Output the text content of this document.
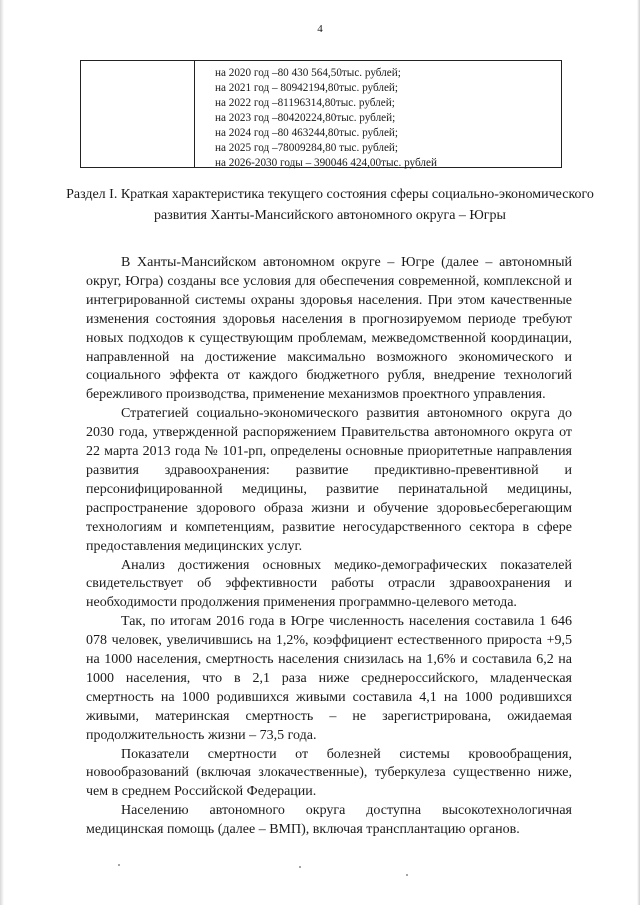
4
на 2020 год –80 430 564,50тыс. рублей;
на 2021 год – 80942194,80тыс. рублей;
на 2022 год –81196314,80тыс. рублей;
на 2023 год –80420224,80тыс. рублей;
на 2024 год –80 463244,80тыс. рублей;
на 2025 год –78009284,80 тыс. рублей;
на 2026-2030 годы – 390046 424,00тыс. рублей
Раздел I. Краткая характеристика текущего состояния сферы социально-экономического развития Ханты-Мансийского автономного округа – Югры

В Ханты-Мансийском автономном округе – Югре (далее – автономный округ, Югра) созданы все условия для обеспечения современной, комплексной и интегрированной системы охраны здоровья населения. При этом качественные изменения состояния здоровья населения в прогнозируемом периоде требуют новых подходов к существующим проблемам, межведомственной координации, направленной на достижение максимально возможного экономического и социального эффекта от каждого бюджетного рубля, внедрение технологий бережливого производства, применение механизмов проектного управления.

Стратегией социально-экономического развития автономного округа до 2030 года, утвержденной распоряжением Правительства автономного округа от 22 марта 2013 года № 101-рп, определены основные приоритетные направления развития здравоохранения: развитие предиктивно-превентивной и персонифицированной медицины, развитие перинатальной медицины, распространение здорового образа жизни и обучение здоровьесберегающим технологиям и компетенциям, развитие негосударственного сектора в сфере предоставления медицинских услуг.

Анализ достижения основных медико-демографических показателей свидетельствует об эффективности работы отрасли здравоохранения и необходимости продолжения применения программно-целевого метода.

Так, по итогам 2016 года в Югре численность населения составила 1 646 078 человек, увеличившись на 1,2%, коэффициент естественного прироста +9,5 на 1000 населения, смертность населения снизилась на 1,6% и составила 6,2 на 1000 населения, что в 2,1 раза ниже среднероссийского, младенческая смертность на 1000 родившихся живыми составила 4,1 на 1000 родившихся живыми, материнская смертность – не зарегистрирована, ожидаемая продолжительность жизни – 73,5 года.

Показатели смертности от болезней системы кровообращения, новообразований (включая злокачественные), туберкулеза существенно ниже, чем в среднем Российской Федерации.

Населению автономного округа доступна высокотехнологичная медицинская помощь (далее – ВМП), включая трансплантацию органов.
